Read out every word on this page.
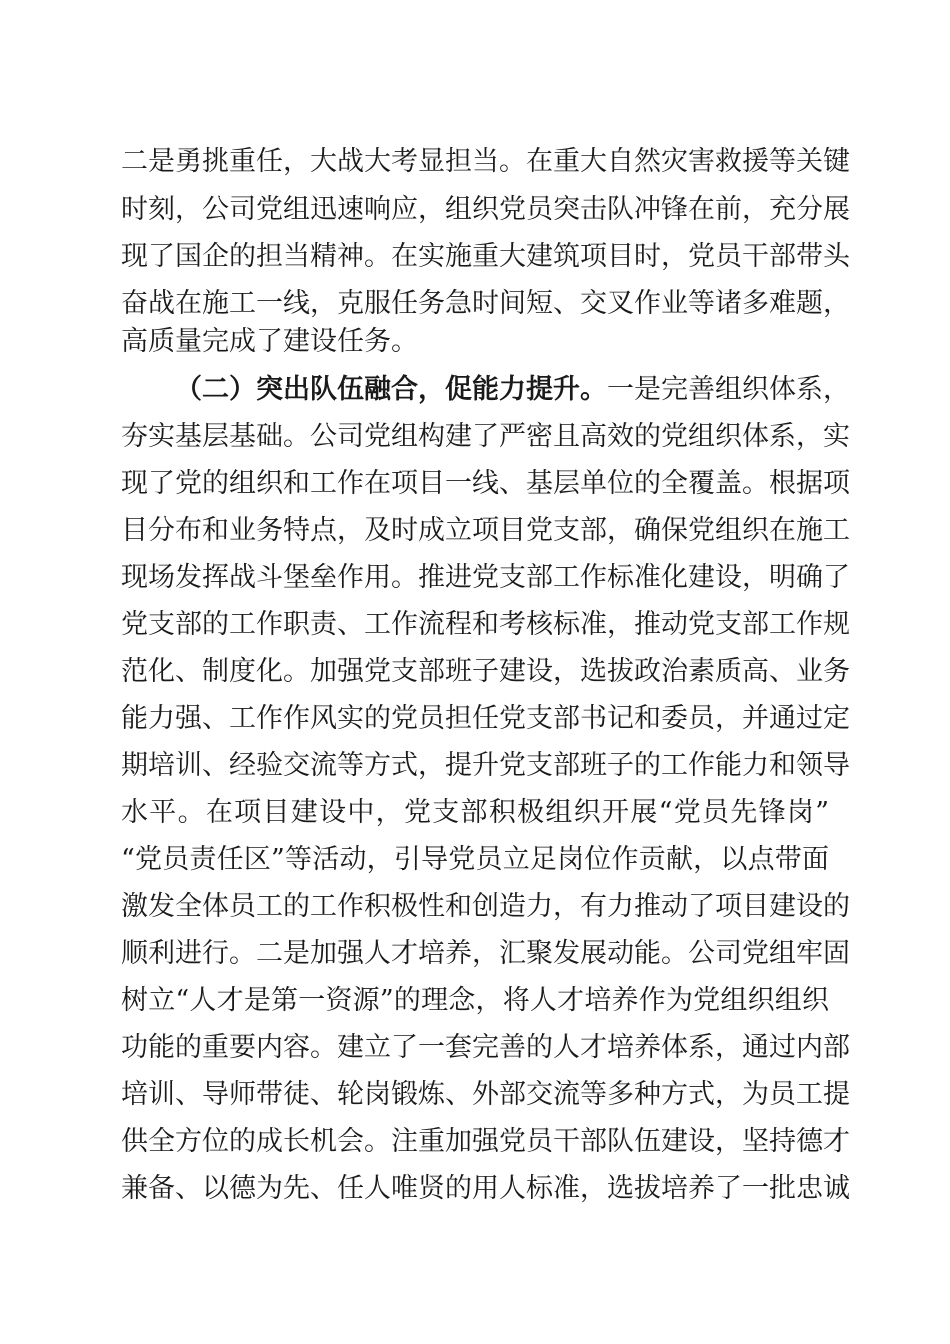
二是勇挑重任，大战大考显担当。在重大自然灾害救援等关键
时刻，公司党组迅速响应，组织党员突击队冲锋在前，充分展
现了国企的担当精神。在实施重大建筑项目时，党员干部带头
奋战在施工一线，克服任务急时间短、交叉作业等诸多难题，
高质量完成了建设任务。
（二）突出队伍融合，促能力提升。一是完善组织体系，
夯实基层基础。公司党组构建了严密且高效的党组织体系，实
现了党的组织和工作在项目一线、基层单位的全覆盖。根据项
目分布和业务特点，及时成立项目党支部，确保党组织在施工
现场发挥战斗堡垒作用。推进党支部工作标准化建设，明确了
党支部的工作职责、工作流程和考核标准，推动党支部工作规
范化、制度化。加强党支部班子建设，选拔政治素质高、业务
能力强、工作作风实的党员担任党支部书记和委员，并通过定
期培训、经验交流等方式，提升党支部班子的工作能力和领导
水平。在项目建设中，党支部积极组织开展“党员先锋岗”
“党员责任区”等活动，引导党员立足岗位作贡献，以点带面
激发全体员工的工作积极性和创造力，有力推动了项目建设的
顺利进行。二是加强人才培养，汇聚发展动能。公司党组牢固
树立“人才是第一资源”的理念，将人才培养作为党组织组织
功能的重要内容。建立了一套完善的人才培养体系，通过内部
培训、导师带徒、轮岗锻炼、外部交流等多种方式，为员工提
供全方位的成长机会。注重加强党员干部队伍建设，坚持德才
兼备、以德为先、任人唯贤的用人标准，选拔培养了一批忠诚
